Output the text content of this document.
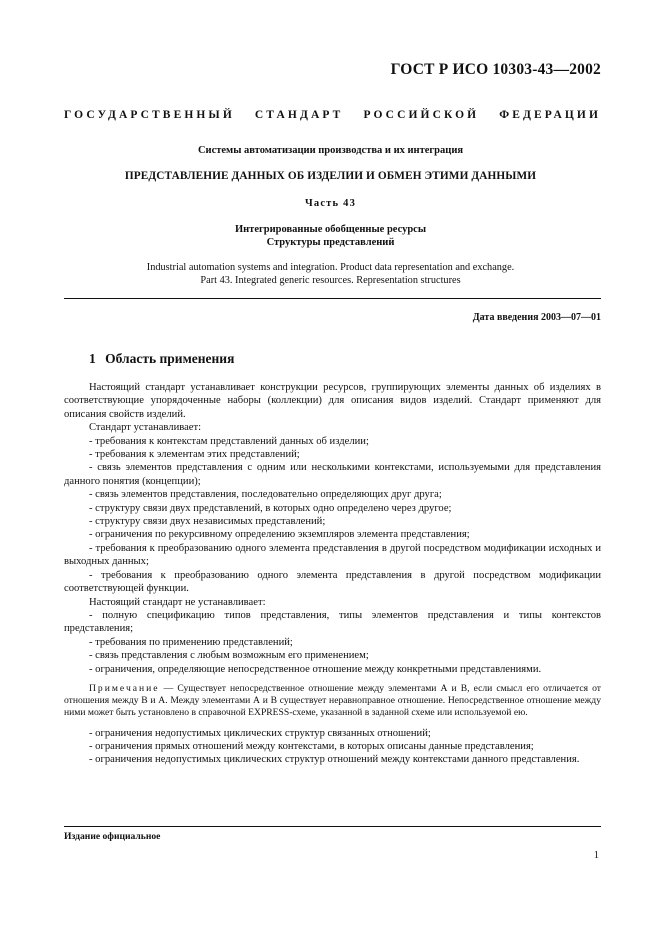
ГОСТ Р ИСО 10303-43—2002
ГОСУДАРСТВЕННЫЙ СТАНДАРТ РОССИЙСКОЙ ФЕДЕРАЦИИ
Системы автоматизации производства и их интеграция
ПРЕДСТАВЛЕНИЕ ДАННЫХ ОБ ИЗДЕЛИИ И ОБМЕН ЭТИМИ ДАННЫМИ
Часть 43
Интегрированные обобщенные ресурсы
Структуры представлений
Industrial automation systems and integration. Product data representation and exchange.
Part 43. Integrated generic resources. Representation structures
Дата введения 2003—07—01
1 Область применения

Настоящий стандарт устанавливает конструкции ресурсов, группирующих элементы данных об изделиях в соответствующие упорядоченные наборы (коллекции) для описания видов изделий. Стандарт применяют для описания свойств изделий.

Стандарт устанавливает:

- требования к контекстам представлений данных об изделии;

- требования к элементам этих представлений;

- связь элементов представления с одним или несколькими контекстами, используемыми для представления данного понятия (концепции);

- связь элементов представления, последовательно определяющих друг друга;

- структуру связи двух представлений, в которых одно определено через другое;

- структуру связи двух независимых представлений;

- ограничения по рекурсивному определению экземпляров элемента представления;

- требования к преобразованию одного элемента представления в другой посредством модификации исходных и выходных данных;

- требования к преобразованию одного элемента представления в другой посредством модификации соответствующей функции.

Настоящий стандарт не устанавливает:

- полную спецификацию типов представления, типы элементов представления и типы контекстов представления;

- требования по применению представлений;

- связь представления с любым возможным его применением;

- ограничения, определяющие непосредственное отношение между конкретными представлениями.

Примечание — Существует непосредственное отношение между элементами А и В, если смысл его отличается от отношения между В и А. Между элементами А и В существует неравноправное отношение. Непосредственное отношение между ними может быть установлено в справочной EXPRESS-схеме, указанной в заданной схеме или используемой ею.

- ограничения недопустимых циклических структур связанных отношений;

- ограничения прямых отношений между контекстами, в которых описаны данные представления;

- ограничения недопустимых циклических структур отношений между контекстами данного представления.

Издание официальное
1
